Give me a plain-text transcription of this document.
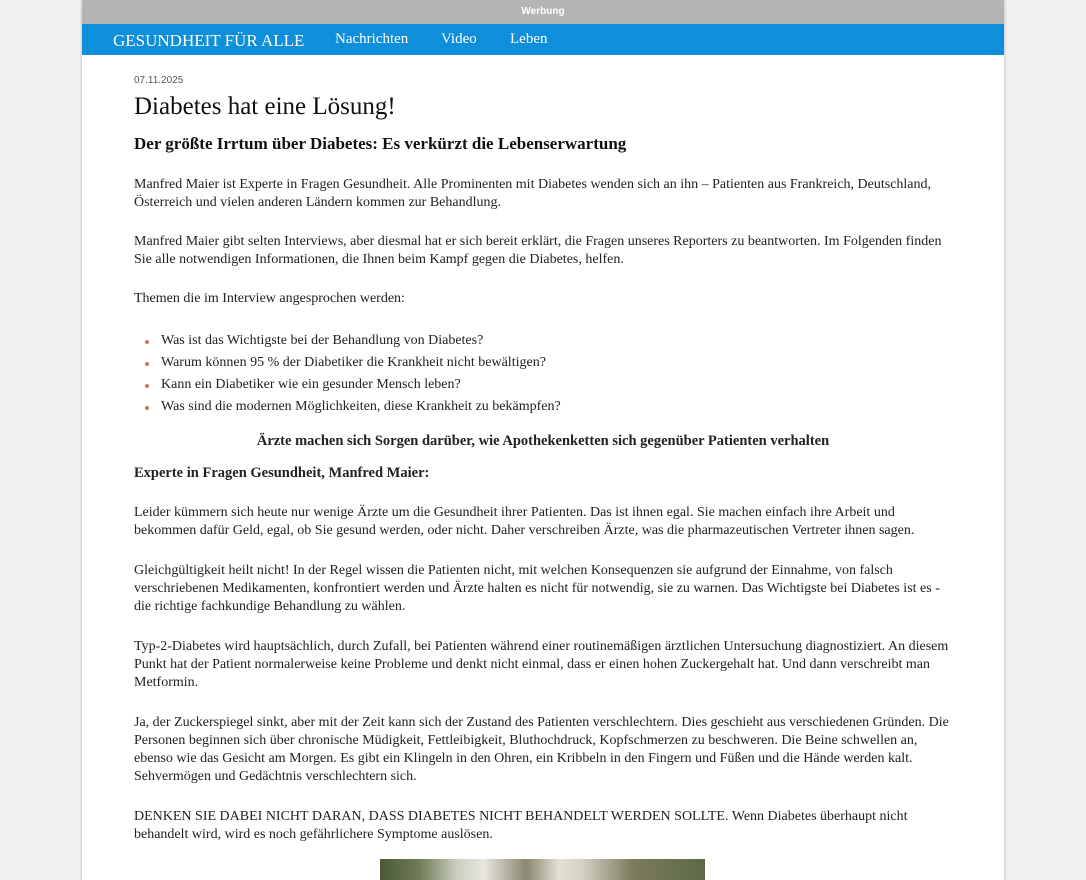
Werbung
GESUNDHEIT FÜR ALLE Nachrichten Video Leben

07.11.2025

Diabetes hat eine Lösung!
Der größte Irrtum über Diabetes: Es verkürzt die Lebenserwartung

Manfred Maier ist Experte in Fragen Gesundheit. Alle Prominenten mit Diabetes wenden sich an ihn – Patienten aus Frankreich, Deutschland, Österreich und vielen anderen Ländern kommen zur Behandlung.

Manfred Maier gibt selten Interviews, aber diesmal hat er sich bereit erklärt, die Fragen unseres Reporters zu beantworten. Im Folgenden finden Sie alle notwendigen Informationen, die Ihnen beim Kampf gegen die Diabetes, helfen.

Themen die im Interview angesprochen werden:

Was ist das Wichtigste bei der Behandlung von Diabetes?
Warum können 95 % der Diabetiker die Krankheit nicht bewältigen?
Kann ein Diabetiker wie ein gesunder Mensch leben?
Was sind die modernen Möglichkeiten, diese Krankheit zu bekämpfen?

Ärzte machen sich Sorgen darüber, wie Apothekenketten sich gegenüber Patienten verhalten

Experte in Fragen Gesundheit, Manfred Maier:

Leider kümmern sich heute nur wenige Ärzte um die Gesundheit ihrer Patienten. Das ist ihnen egal. Sie machen einfach ihre Arbeit und bekommen dafür Geld, egal, ob Sie gesund werden, oder nicht. Daher verschreiben Ärzte, was die pharmazeutischen Vertreter ihnen sagen.

Gleichgültigkeit heilt nicht! In der Regel wissen die Patienten nicht, mit welchen Konsequenzen sie aufgrund der Einnahme, von falsch verschriebenen Medikamenten, konfrontiert werden und Ärzte halten es nicht für notwendig, sie zu warnen. Das Wichtigste bei Diabetes ist es - die richtige fachkundige Behandlung zu wählen.

Typ-2-Diabetes wird hauptsächlich, durch Zufall, bei Patienten während einer routinemäßigen ärztlichen Untersuchung diagnostiziert. An diesem Punkt hat der Patient normalerweise keine Probleme und denkt nicht einmal, dass er einen hohen Zuckergehalt hat. Und dann verschreibt man Metformin.

Ja, der Zuckerspiegel sinkt, aber mit der Zeit kann sich der Zustand des Patienten verschlechtern. Dies geschieht aus verschiedenen Gründen. Die Personen beginnen sich über chronische Müdigkeit, Fettleibigkeit, Bluthochdruck, Kopfschmerzen zu beschweren. Die Beine schwellen an, ebenso wie das Gesicht am Morgen. Es gibt ein Klingeln in den Ohren, ein Kribbeln in den Fingern und Füßen und die Hände werden kalt. Sehvermögen und Gedächtnis verschlechtern sich.

DENKEN SIE DABEI NICHT DARAN, DASS DIABETES NICHT BEHANDELT WERDEN SOLLTE. Wenn Diabetes überhaupt nicht behandelt wird, wird es noch gefährlichere Symptome auslösen.
